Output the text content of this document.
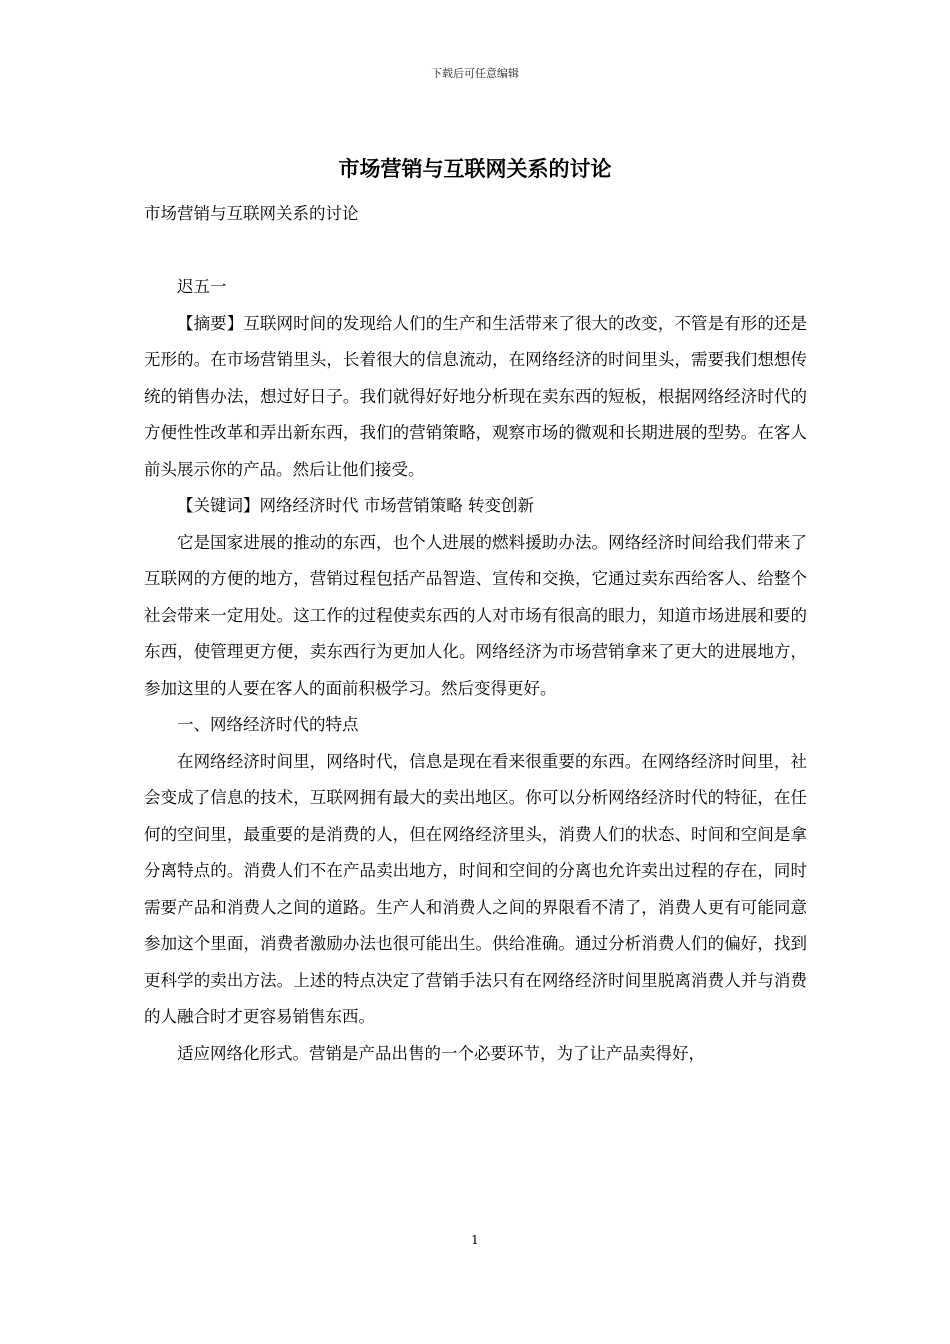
下载后可任意编辑
市场营销与互联网关系的讨论

市场营销与互联网关系的讨论

迟五一

【摘要】互联网时间的发现给人们的生产和生活带来了很大的改变，不管是有形的还是无形的。在市场营销里头，长着很大的信息流动，在网络经济的时间里头，需要我们想想传统的销售办法，想过好日子。我们就得好好地分析现在卖东西的短板，根据网络经济时代的方便性性改革和弄出新东西，我们的营销策略，观察市场的微观和长期进展的型势。在客人前头展示你的产品。然后让他们接受。

【关键词】网络经济时代 市场营销策略 转变创新

它是国家进展的推动的东西，也个人进展的燃料援助办法。网络经济时间给我们带来了互联网的方便的地方，营销过程包括产品智造、宣传和交换，它通过卖东西给客人、给整个社会带来一定用处。这工作的过程使卖东西的人对市场有很高的眼力，知道市场进展和要的东西，使管理更方便，卖东西行为更加人化。网络经济为市场营销拿来了更大的进展地方，参加这里的人要在客人的面前积极学习。然后变得更好。

一、网络经济时代的特点

在网络经济时间里，网络时代，信息是现在看来很重要的东西。在网络经济时间里，社会变成了信息的技术，互联网拥有最大的卖出地区。你可以分析网络经济时代的特征，在任何的空间里，最重要的是消费的人，但在网络经济里头，消费人们的状态、时间和空间是拿分离特点的。消费人们不在产品卖出地方，时间和空间的分离也允许卖出过程的存在，同时需要产品和消费人之间的道路。生产人和消费人之间的界限看不清了，消费人更有可能同意参加这个里面，消费者激励办法也很可能出生。供给准确。通过分析消费人们的偏好，找到更科学的卖出方法。上述的特点决定了营销手法只有在网络经济时间里脱离消费人并与消费的人融合时才更容易销售东西。

适应网络化形式。营销是产品出售的一个必要环节，为了让产品卖得好，

1
